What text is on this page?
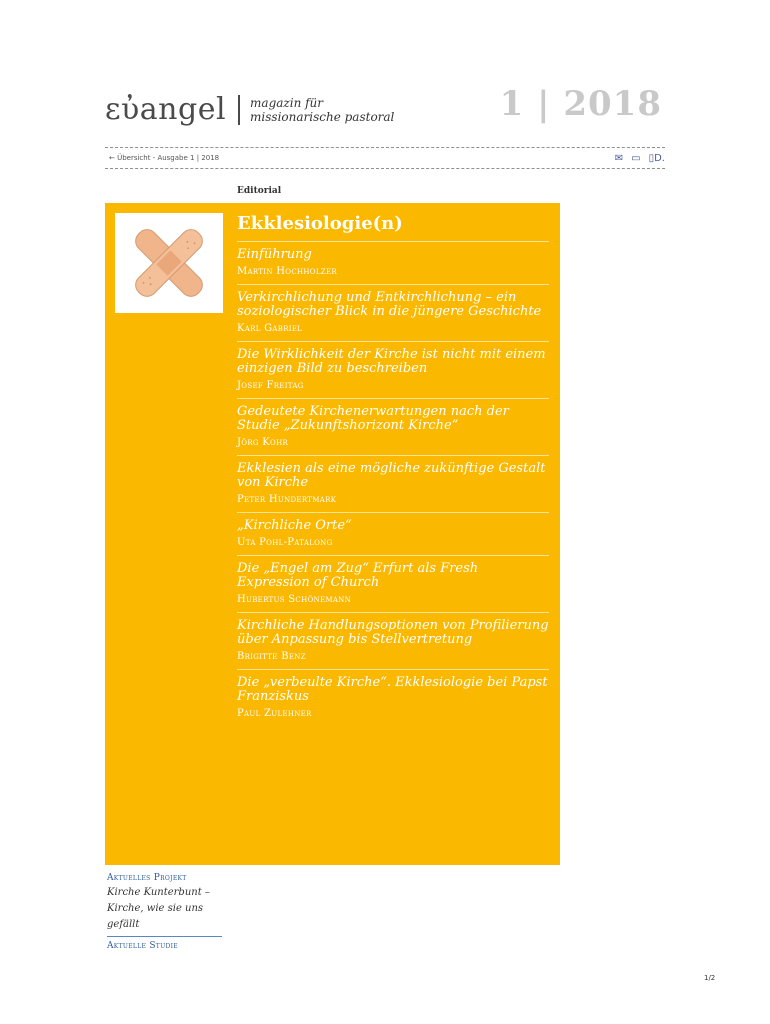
εὐangel magazin für
missionarische pastoral	1 | 2018
← Übersicht - Ausgabe 1 | 2018	✉ ▭ ▯D.
Editorial
Ekklesiologie(n)
Einführung
Martin Hochholzer
Verkirchlichung und Entkirchlichung – ein soziologischer Blick in die jüngere Geschichte
Karl Gabriel
Die Wirklichkeit der Kirche ist nicht mit einem einzigen Bild zu beschreiben
Josef Freitag
Gedeutete Kirchenerwartungen nach der Studie „Zukunftshorizont Kirche“
Jörg Kohr
Ekklesien als eine mögliche zukünftige Gestalt von Kirche
Peter Hundertmark
„Kirchliche Orte“
Uta Pohl-Patalong
Die „Engel am Zug“ Erfurt als Fresh Expression of Church
Hubertus Schönemann
Kirchliche Handlungsoptionen von Profilierung über Anpassung bis Stellvertretung
Brigitte Benz
Die „verbeulte Kirche“. Ekklesiologie bei Papst Franziskus
Paul Zulehner
Aktuelles Projekt
Kirche Kunterbunt – Kirche, wie sie uns gefällt
Aktuelle Studie
1/2
